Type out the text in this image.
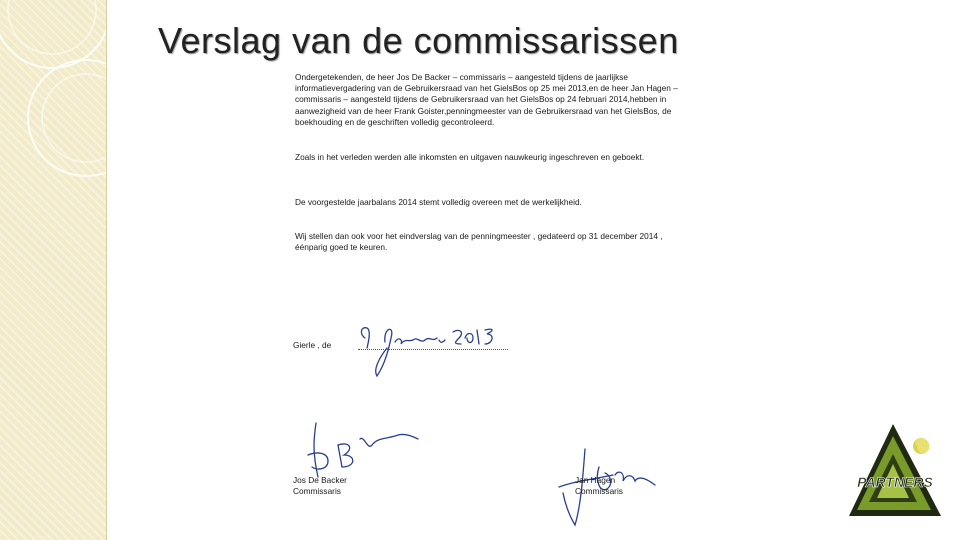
Verslag van de commissarissen

Ondergetekenden, de heer Jos De Backer – commissaris – aangesteld tijdens de jaarlijkse informatievergadering van de Gebruikersraad van het GielsBos op 25 mei 2013,en de heer Jan Hagen – commissaris – aangesteld tijdens de Gebruikersraad van het GielsBos op 24 februari 2014,hebben in aanwezigheid van de heer Frank Goister,penningmeester van de Gebruikersraad van het GielsBos, de boekhouding en de geschriften volledig gecontroleerd.

Zoals in het verleden werden alle inkomsten en uitgaven nauwkeurig ingeschreven en geboekt.

De voorgestelde jaarbalans 2014 stemt volledig overeen met de werkelijkheid.

Wij stellen dan ook voor het eindverslag van de penningmeester , gedateerd op 31 december 2014 , éénparig goed te keuren.

Gierle , de
Jos De Backer
Commissaris
Jan Hagen
Commissaris
PARTNERS
